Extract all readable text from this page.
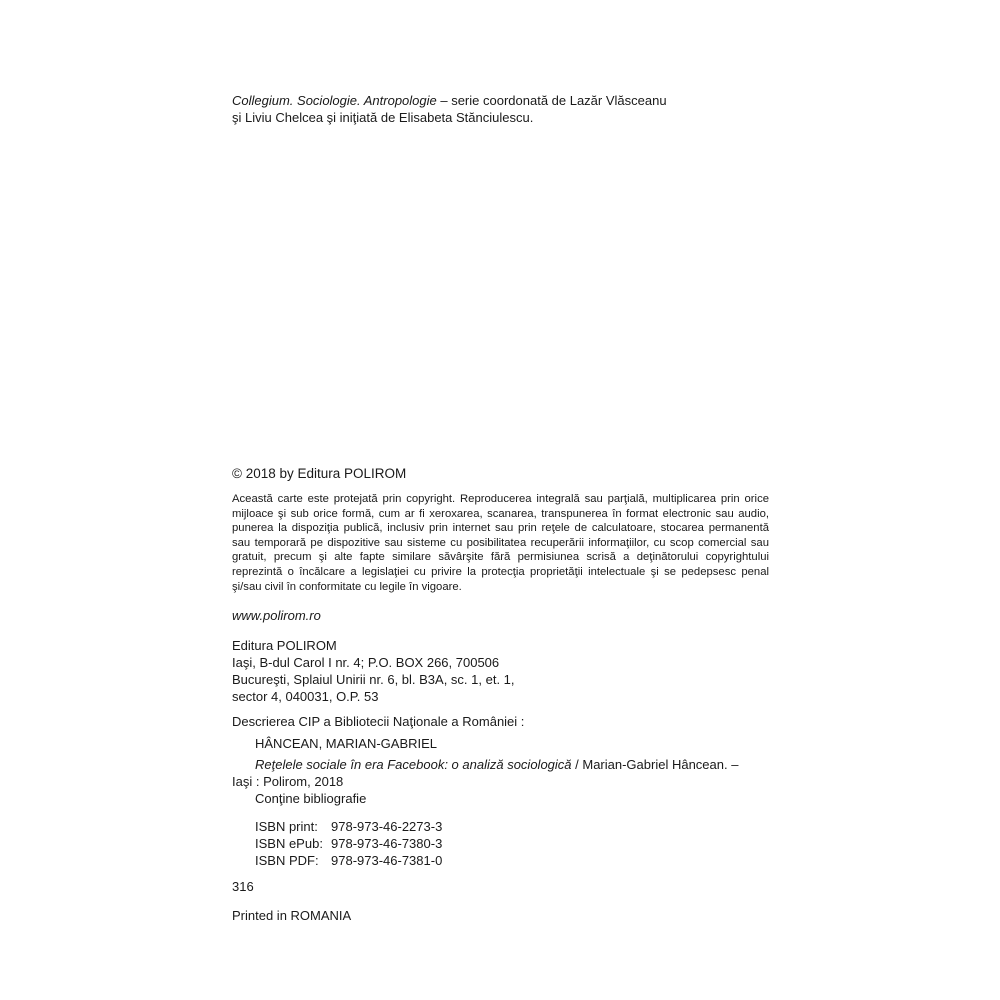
Collegium. Sociologie. Antropologie – serie coordonată de Lazăr Vlăsceanu
şi Liviu Chelcea şi iniţiată de Elisabeta Stănciulescu.
© 2018 by Editura POLIROM
Această carte este protejată prin copyright. Reproducerea integrală sau parţială, multiplicarea prin orice mijloace şi sub orice formă, cum ar fi xeroxarea, scanarea, transpunerea în format electronic sau audio, punerea la dispoziţia publică, inclusiv prin internet sau prin reţele de calculatoare, stocarea permanentă sau temporară pe dispozitive sau sisteme cu posibilitatea recuperării informaţiilor, cu scop comercial sau gratuit, precum şi alte fapte similare săvârşite fără permisiunea scrisă a deţinătorului copyrightului reprezintă o încălcare a legislaţiei cu privire la protecţia proprietăţii intelectuale şi se pedepsesc penal şi/sau civil în conformitate cu legile în vigoare.
www.polirom.ro
Editura POLIROM
Iaşi, B-dul Carol I nr. 4; P.O. BOX 266, 700506
Bucureşti, Splaiul Unirii nr. 6, bl. B3A, sc. 1, et. 1,
sector 4, 040031, O.P. 53
Descrierea CIP a Bibliotecii Naţionale a României :
HÂNCEAN, MARIAN-GABRIEL
Reţelele sociale în era Facebook: o analiză sociologică / Marian-Gabriel Hâncean. –
Iaşi : Polirom, 2018
Conţine bibliografie
ISBN print:	978-973-46-2273-3
ISBN ePub: 978-973-46-7380-3
ISBN PDF: 978-973-46-7381-0
316
Printed in ROMANIA
